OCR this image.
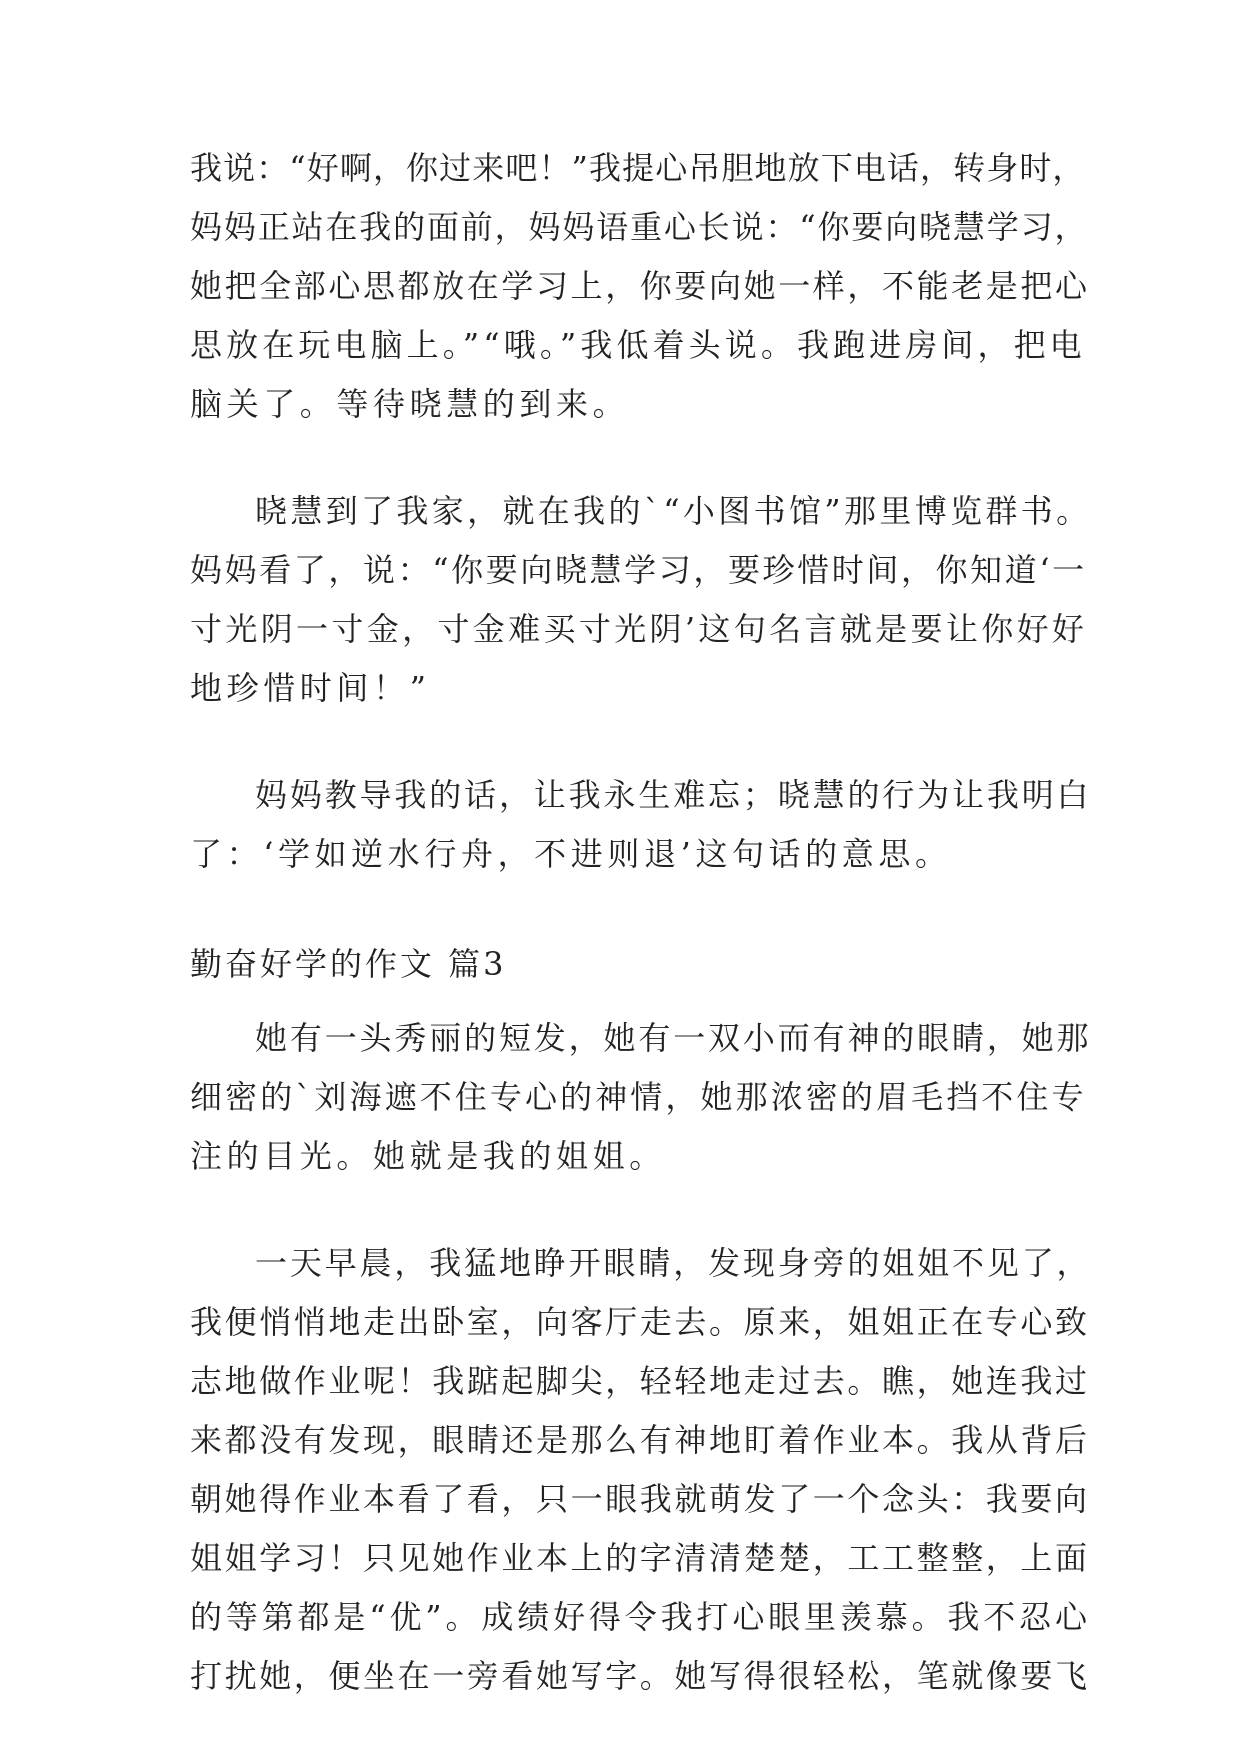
我说：“好啊，你过来吧！”我提心吊胆地放下电话，转身时，
妈妈正站在我的面前，妈妈语重心长说：“你要向晓慧学习，
她把全部心思都放在学习上，你要向她一样，不能老是把心
思放在玩电脑上。”“哦。”我低着头说。我跑进房间，把电
脑关了。等待晓慧的到来。
晓慧到了我家，就在我的`“小图书馆”那里博览群书。
妈妈看了，说：“你要向晓慧学习，要珍惜时间，你知道‘一
寸光阴一寸金，寸金难买寸光阴’这句名言就是要让你好好
地珍惜时间！”
妈妈教导我的话，让我永生难忘；晓慧的行为让我明白
了：‘学如逆水行舟，不进则退’这句话的意思。
勤奋好学的作文 篇3
她有一头秀丽的短发，她有一双小而有神的眼睛，她那
细密的`刘海遮不住专心的神情，她那浓密的眉毛挡不住专
注的目光。她就是我的姐姐。
一天早晨，我猛地睁开眼睛，发现身旁的姐姐不见了，
我便悄悄地走出卧室，向客厅走去。原来，姐姐正在专心致
志地做作业呢！我踮起脚尖，轻轻地走过去。瞧，她连我过
来都没有发现，眼睛还是那么有神地盯着作业本。我从背后
朝她得作业本看了看，只一眼我就萌发了一个念头：我要向
姐姐学习！只见她作业本上的字清清楚楚，工工整整，上面
的等第都是“优”。成绩好得令我打心眼里羡慕。我不忍心
打扰她，便坐在一旁看她写字。她写得很轻松，笔就像要飞
